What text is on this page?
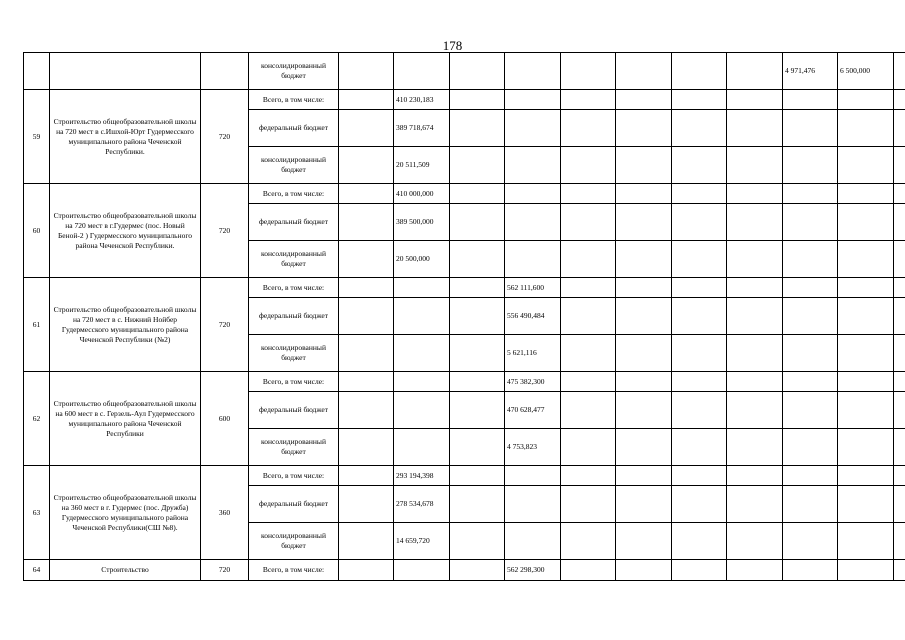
178
			консолидированный бюджет									4 971,476	6 500,000	
59	Строительство общеобразовательной школы на 720 мест в с.Ишхой-Юрт Гудермесского муниципального района Чеченской Республики.	720	Всего, в том числе:		410 230,183									
			федеральный бюджет		389 718,674									
			консолидированный бюджет		20 511,509									
60	Строительство общеобразовательной школы на 720 мест в г.Гудермес (пос. Новый Беной-2 ) Гудермесского муниципального района Чеченской Республики.	720	Всего, в том числе:		410 000,000									
			федеральный бюджет		389 500,000									
			консолидированный бюджет		20 500,000									
61	Строительство общеобразовательной школы на 720 мест в с. Нижний Нойбер Гудермесского муниципального района Чеченской Республики (№2)	720	Всего, в том числе:				562 111,600							
			федеральный бюджет				556 490,484							
			консолидированный бюджет				5 621,116							
62	Строительство общеобразовательной школы на 600 мест в с. Герзель-Аул Гудермесского муниципального района Чеченской Республики	600	Всего, в том числе:				475 382,300							
			федеральный бюджет				470 628,477							
			консолидированный бюджет				4 753,823							
63	Строительство общеобразовательной школы на 360 мест в г. Гудермес (пос. Дружба) Гудермесского муниципального района Чеченской Республики(СШ №8).	360	Всего, в том числе:		293 194,398									
			федеральный бюджет		278 534,678									
			консолидированный бюджет		14 659,720									
64	Строительство	720	Всего, в том числе:				562 298,300							
